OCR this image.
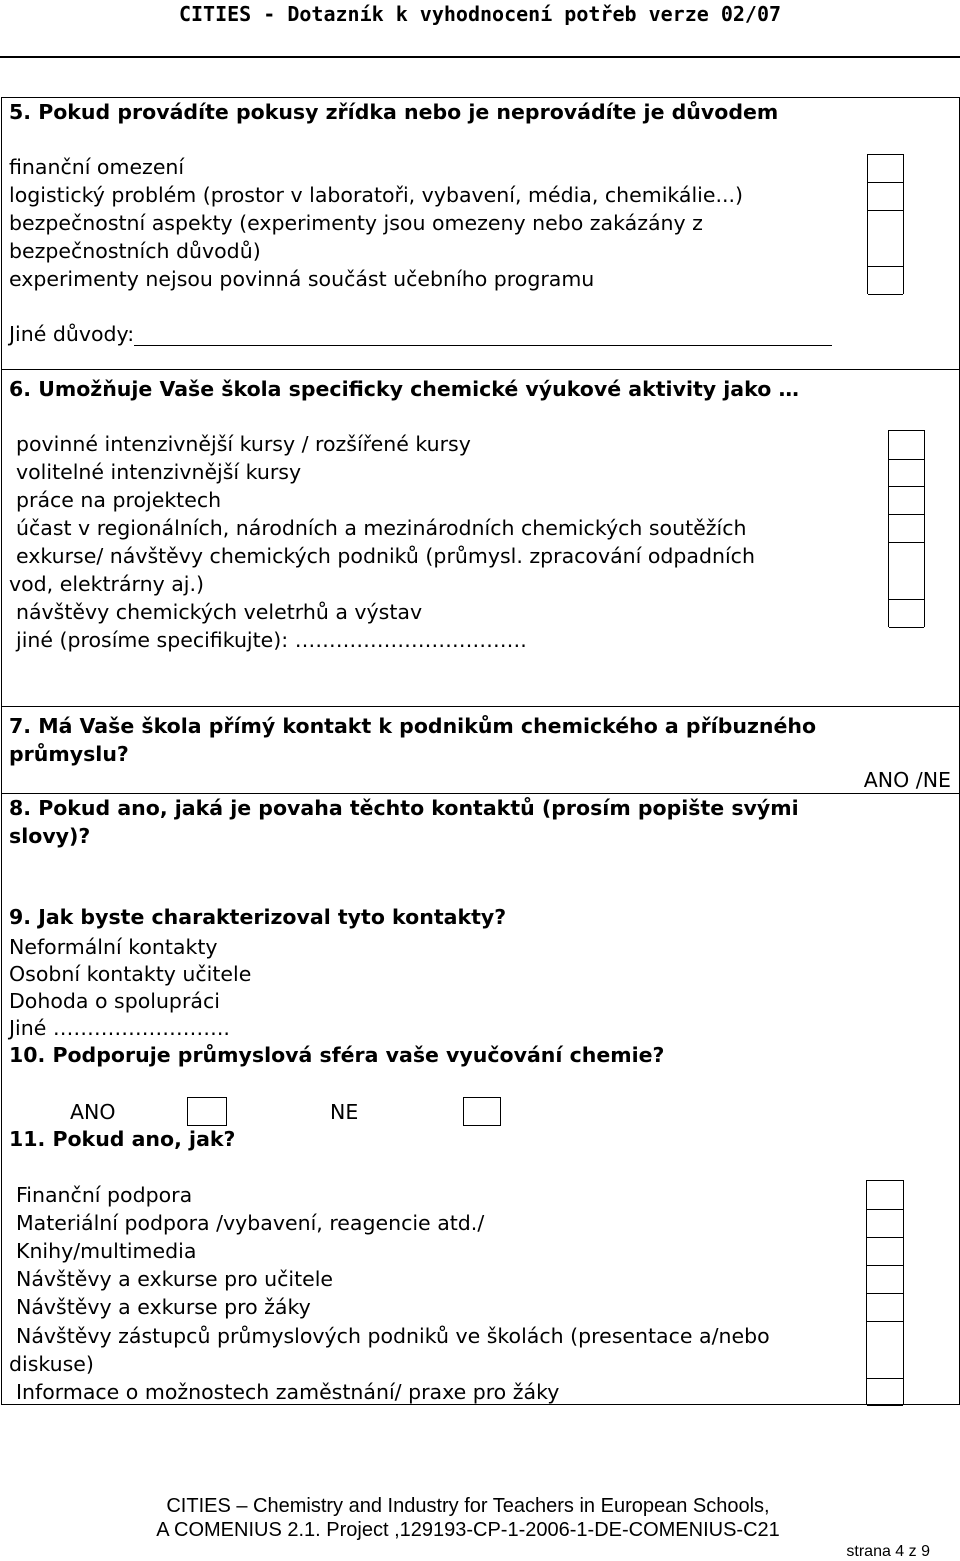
CITIES - Dotazník k vyhodnocení potřeb verze 02/07
5. Pokud provádíte pokusy zřídka nebo je neprovádíte je důvodem
finanční omezení
logistický problém (prostor v laboratoři, vybavení, média, chemikálie...)
bezpečnostní aspekty (experimenty jsou omezeny nebo zakázány z
bezpečnostních důvodů)
experimenty nejsou povinná součást učebního programu
Jiné důvody:
6. Umožňuje Vaše škola specificky chemické výukové aktivity jako …
povinné intenzivnější kursy / rozšířené kursy
volitelné intenzivnější kursy
práce na projektech
účast v regionálních, národních a mezinárodních chemických soutěžích
exkurse/ návštěvy chemických podniků (průmysl. zpracování odpadních
vod, elektrárny aj.)
návštěvy chemických veletrhů a výstav
jiné (prosíme specifikujte): …………………………….
7. Má Vaše škola přímý kontakt k podnikům chemického a příbuzného
průmyslu?
ANO /NE
8. Pokud ano, jaká je povaha těchto kontaktů (prosím popište svými
slovy)?
9. Jak byste charakterizoval tyto kontakty?
Neformální kontakty
Osobní kontakty učitele
Dohoda o spolupráci
Jiné ……………………..
10. Podporuje průmyslová sféra vaše vyučování chemie?
ANO	NE
11. Pokud ano, jak?
Finanční podpora
Materiální podpora /vybavení, reagencie atd./
Knihy/multimedia
Návštěvy a exkurse pro učitele
Návštěvy a exkurse pro žáky
Návštěvy zástupců průmyslových podniků ve školách (presentace a/nebo
diskuse)
Informace o možnostech zaměstnání/ praxe pro žáky
CITIES – Chemistry and Industry for Teachers in European Schools,
A COMENIUS 2.1. Project ,129193-CP-1-2006-1-DE-COMENIUS-C21
strana 4 z 9
